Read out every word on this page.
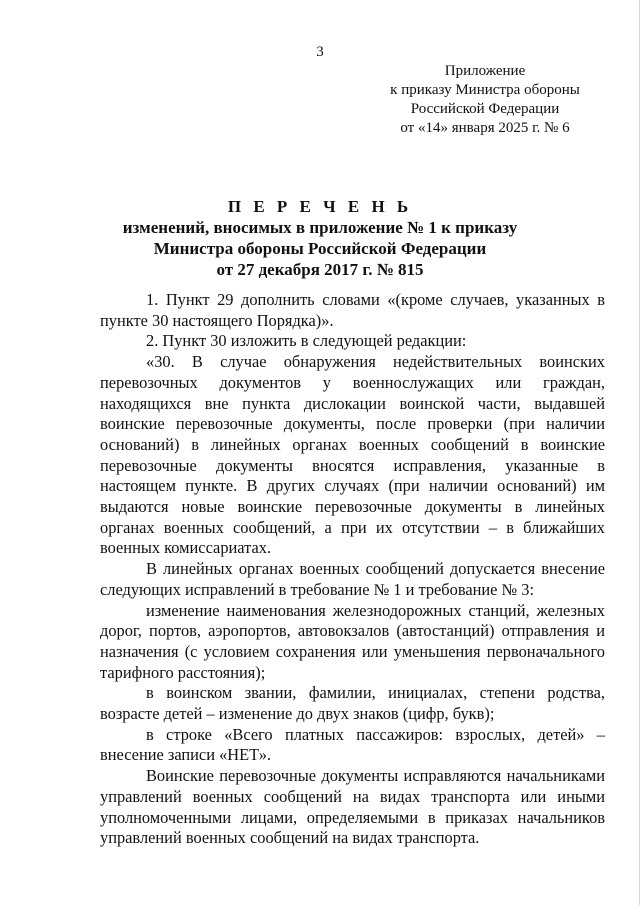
3
Приложение
к приказу Министра обороны
Российской Федерации
от «14» января 2025 г. № 6
П Е Р Е Ч Е Н Ь
изменений, вносимых в приложение № 1 к приказу
Министра обороны Российской Федерации
от 27 декабря 2017 г. № 815

1. Пункт 29 дополнить словами «(кроме случаев, указанных в пункте 30 настоящего Порядка)».

2. Пункт 30 изложить в следующей редакции:

«30. В случае обнаружения недействительных воинских перевозочных документов у военнослужащих или граждан, находящихся вне пункта дислокации воинской части, выдавшей воинские перевозочные документы, после проверки (при наличии оснований) в линейных органах военных сообщений в воинские перевозочные документы вносятся исправления, указанные в настоящем пункте. В других случаях (при наличии оснований) им выдаются новые воинские перевозочные документы в линейных органах военных сообщений, а при их отсутствии – в ближайших военных комиссариатах.

В линейных органах военных сообщений допускается внесение следующих исправлений в требование № 1 и требование № 3:

изменение наименования железнодорожных станций, железных дорог, портов, аэропортов, автовокзалов (автостанций) отправления и назначения (с условием сохранения или уменьшения первоначального тарифного расстояния);

в воинском звании, фамилии, инициалах, степени родства, возрасте детей – изменение до двух знаков (цифр, букв);

в строке «Всего платных пассажиров: взрослых, детей» – внесение записи «НЕТ».

Воинские перевозочные документы исправляются начальниками управлений военных сообщений на видах транспорта или иными уполномоченными лицами, определяемыми в приказах начальников управлений военных сообщений на видах транспорта.
